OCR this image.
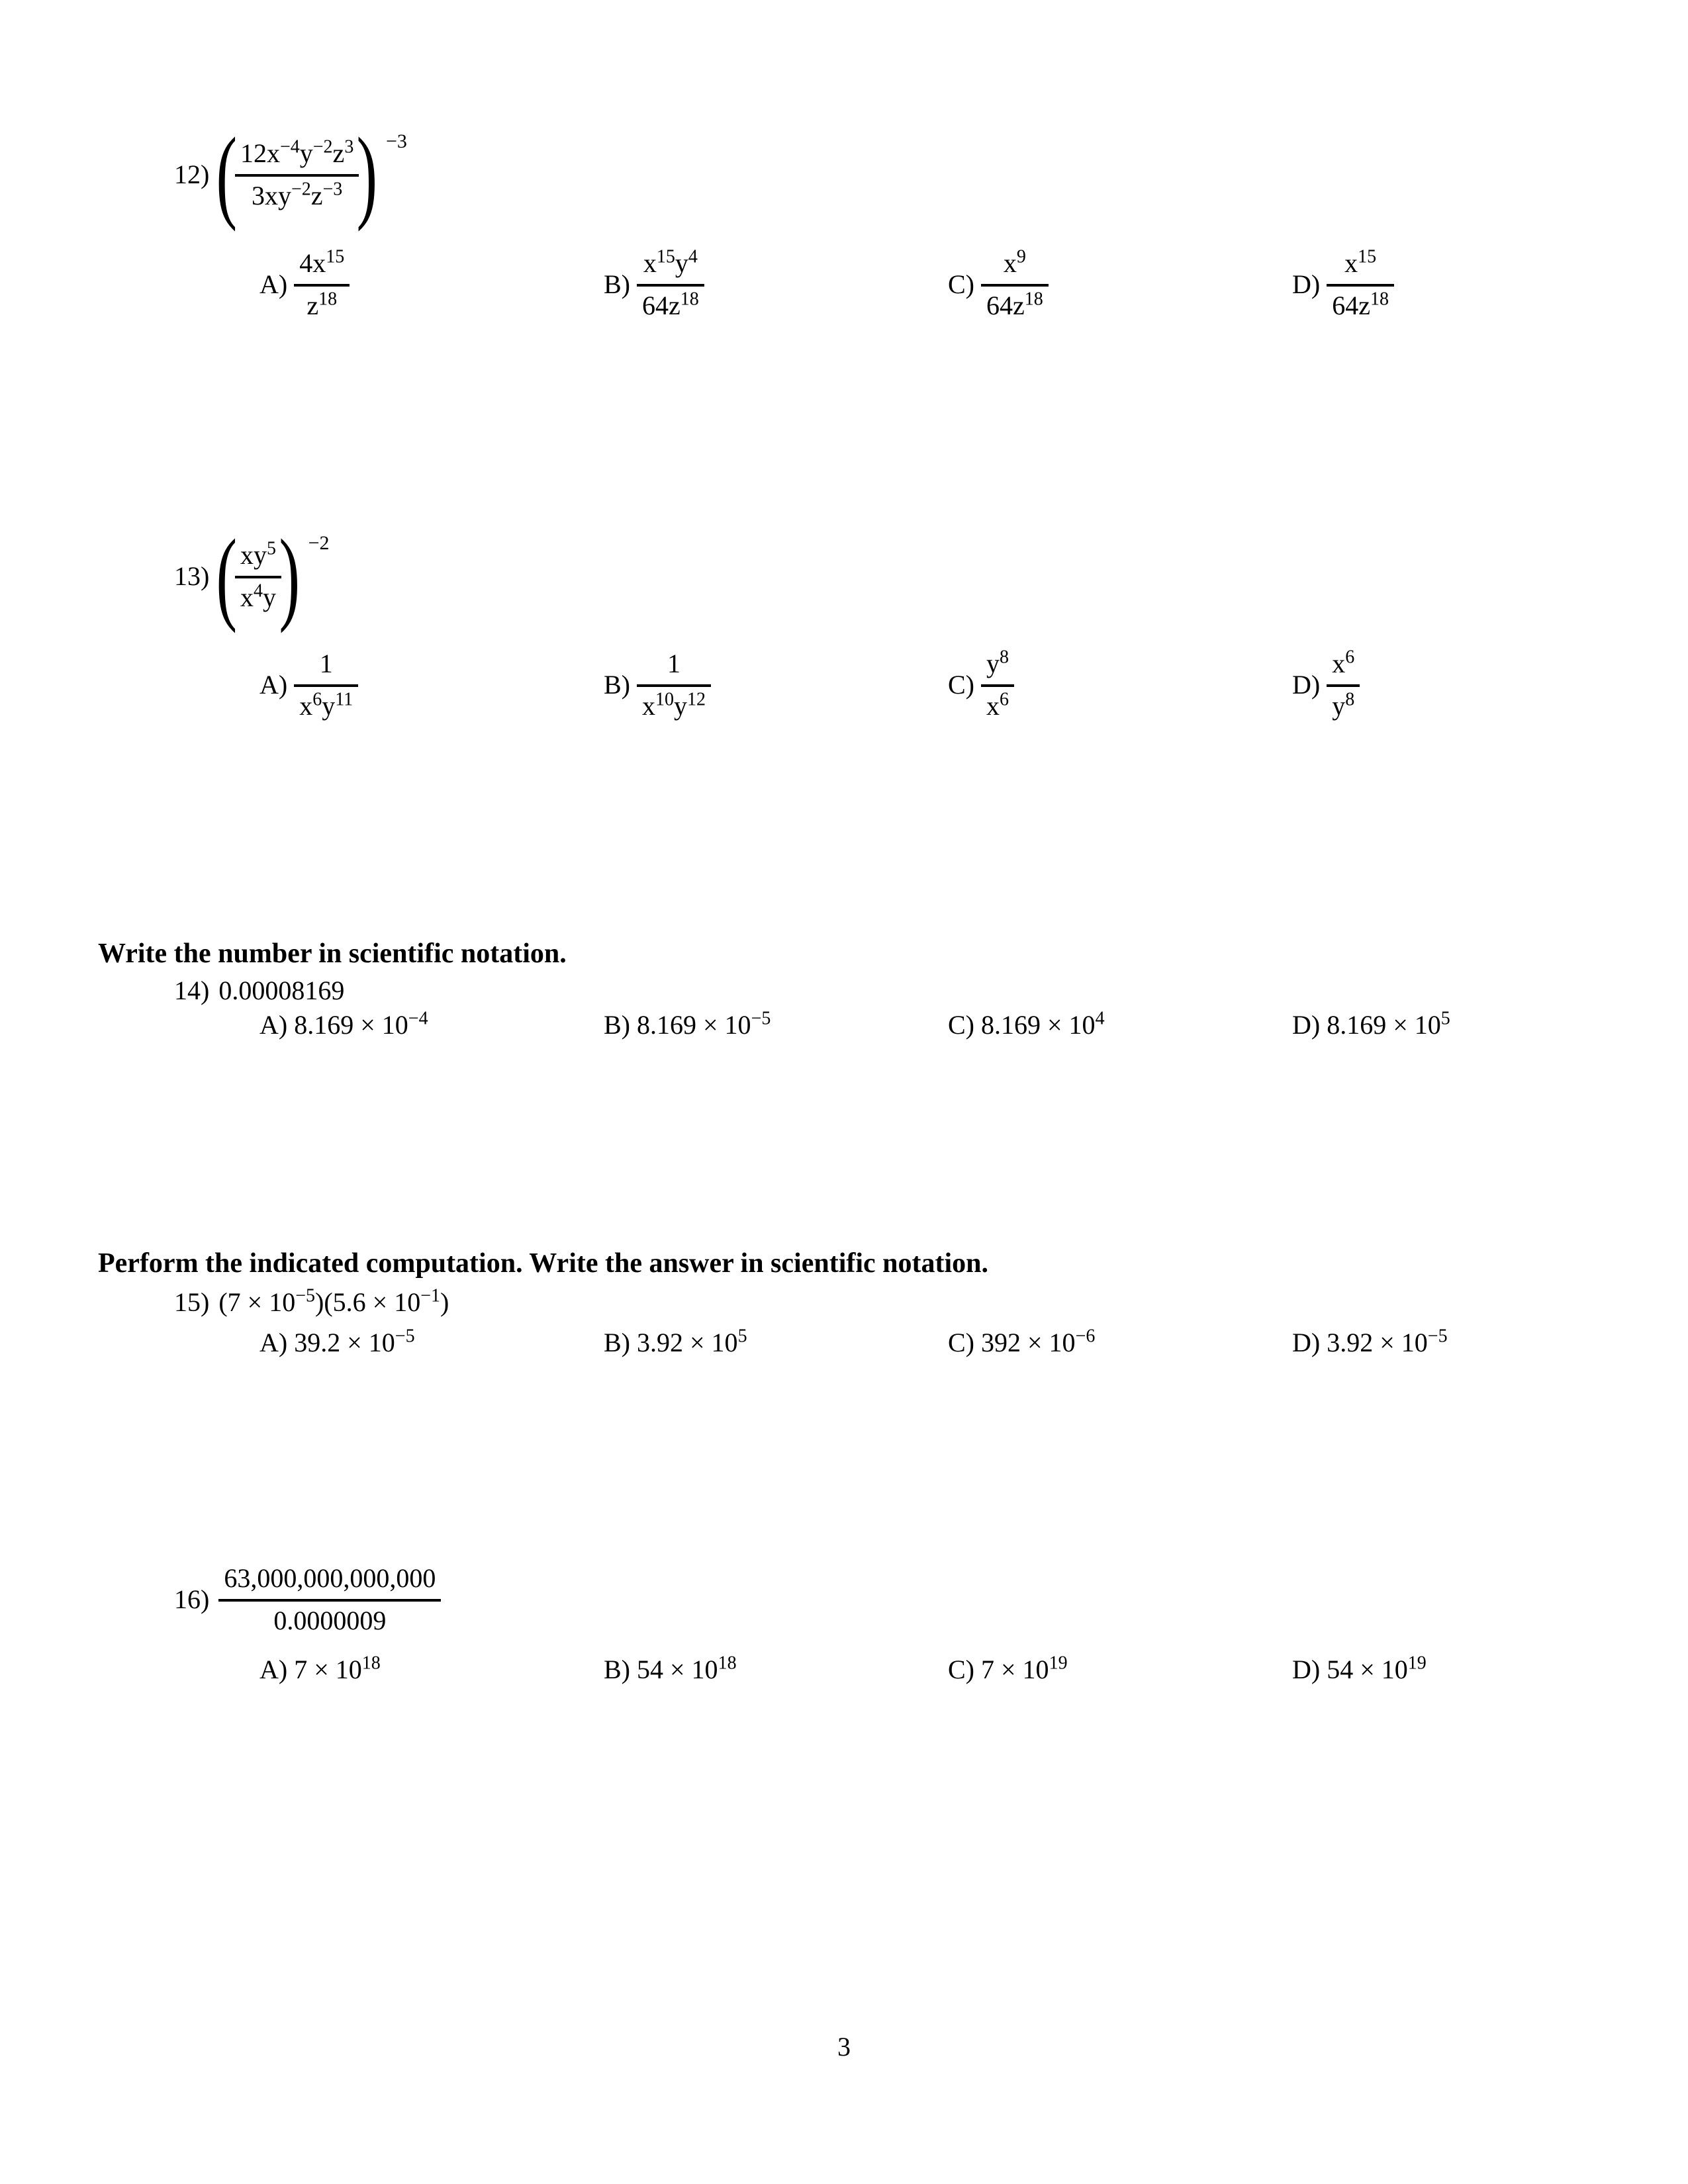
12) (
$\frac{12x^{-4}y^{-2}z^3}{3xy^{-2}z^{-3}}$
) −3
$A) \frac{4x^{15}}{z^{18}}$	$B) \frac{x^{15}y^4}{64z^{18}}$	$C) \frac{x^9}{64z^{18}}$	$D) \frac{x^{15}}{64z^{18}}$
13) (
$\frac{xy^5}{x^4y}$
) −2
$A) \frac{1}{x^6y^{11}}$	$B) \frac{1}{x^{10}y^{12}}$	$C) \frac{y^8}{x^6}$	$D) \frac{x^6}{y^8}$
Write the number in scientific notation.
14) 0.00008169
A) $8.169 \times 10^{-4}$	B) $8.169 \times 10^{-5}$	C) $8.169 \times 10^4$	D) $8.169 \times 10^5$
Perform the indicated computation. Write the answer in scientific notation.
15) $(7 \times 10^{-5})(5.6 \times 10^{-1})$
A) $39.2 \times 10^{-5}$	B) $3.92 \times 10^5$	C) $392 \times 10^{-6}$	D) $3.92 \times 10^{-5}$
$16) \frac{63,000,000,000,000}{0.0000009}$
A) $7 \times 10^{18}$	B) $54 \times 10^{18}$	C) $7 \times 10^{19}$	D) $54 \times 10^{19}$
3
